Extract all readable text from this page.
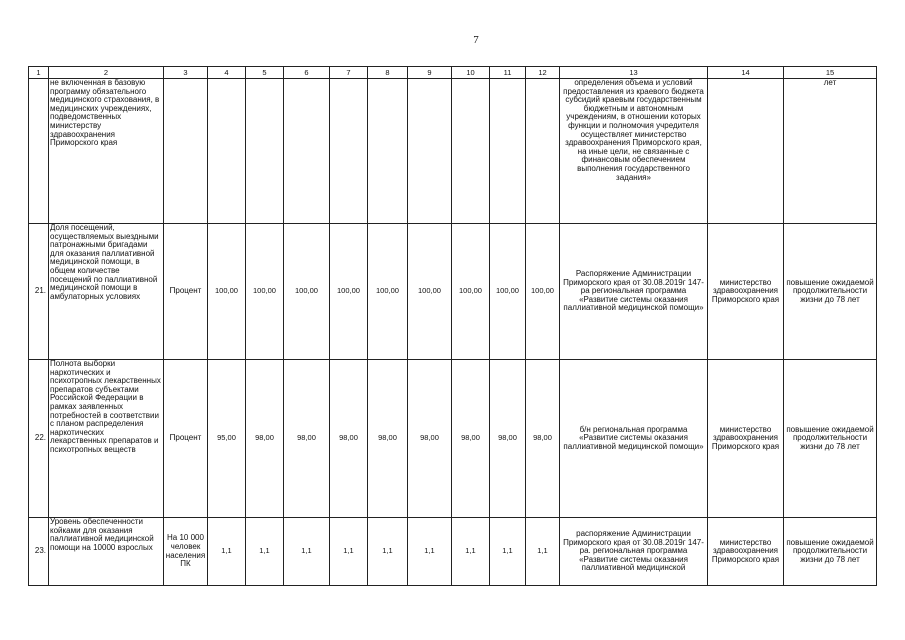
7
1	2	3	4	5	6	7	8	9	10	11	12	13	14	15
	не включенная в базовую программу обязательного медицинского страхования, в медицинских учреждениях, подведомственных министерству здравоохранения Приморского края											определения объема и условий предоставления из краевого бюджета субсидий краевым государственным бюджетным и автономным учреждениям, в отношении которых функции и полномочия учредителя осуществляет министерство здравоохранения Приморского края, на иные цели, не связанные с финансовым обеспечением выполнения государственного задания»		лет
21.	Доля посещений, осуществляемых выездными патронажными бригадами для оказания паллиативной медицинской помощи, в общем количестве посещений по паллиативной медицинской помощи в амбулаторных условиях	Процент	100,00	100,00	100,00	100,00	100,00	100,00	100,00	100,00	100,00	Распоряжение Администрации Приморского края от 30.08.2019г 147-ра региональная программа «Развитие системы оказания паллиативной медицинской помощи»	министерство здравоохранения Приморского края	повышение ожидаемой продолжительности жизни до 78 лет
22.	Полнота выборки наркотических и психотропных лекарственных препаратов субъектами Российской Федерации в рамках заявленных потребностей в соответствии с планом распределения наркотических лекарственных препаратов и психотропных веществ	Процент	95,00	98,00	98,00	98,00	98,00	98,00	98,00	98,00	98,00	б/н региональная программа «Развитие системы оказания паллиативной медицинской помощи»	министерство здравоохранения Приморского края	повышение ожидаемой продолжительности жизни до 78 лет
23.	Уровень обеспеченности койками для оказания паллиативной медицинской помощи на 10000 взрослых	На 10 000 человек населения ПК	1,1	1,1	1,1	1,1	1,1	1,1	1,1	1,1	1,1	распоряжение Администрации Приморского края от 30.08.2019г 147-ра. региональная программа «Развитие системы оказания паллиативной медицинской	министерство здравоохранения Приморского края	повышение ожидаемой продолжительности жизни до 78 лет
